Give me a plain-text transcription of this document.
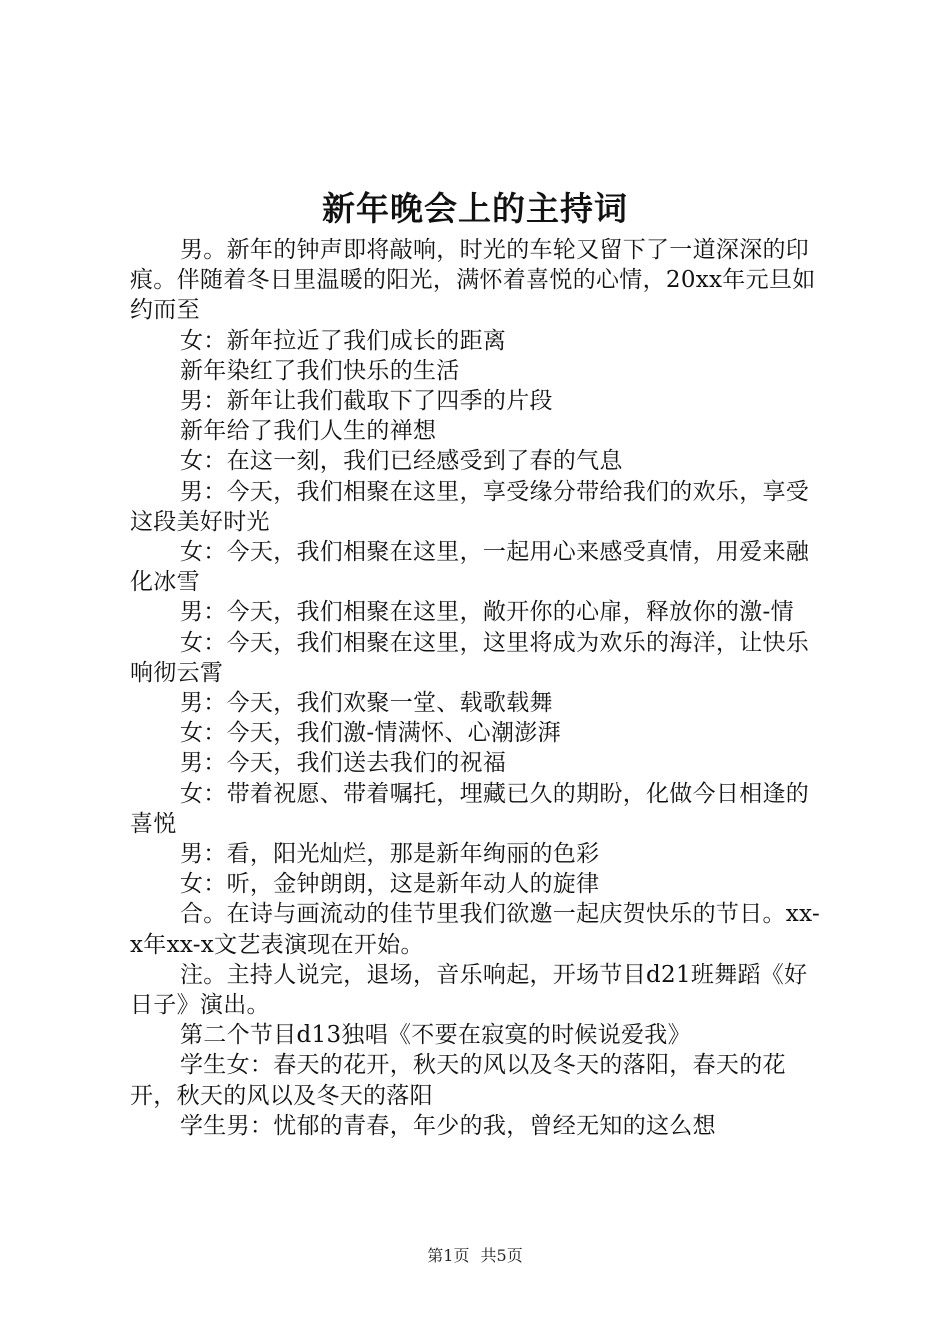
新年晚会上的主持词

男。新年的钟声即将敲响，时光的车轮又留下了一道深深的印痕。伴随着冬日里温暖的阳光，满怀着喜悦的心情，20xx年元旦如约而至

女：新年拉近了我们成长的距离

新年染红了我们快乐的生活

男：新年让我们截取下了四季的片段

新年给了我们人生的禅想

女：在这一刻，我们已经感受到了春的气息

男：今天，我们相聚在这里，享受缘分带给我们的欢乐，享受这段美好时光

女：今天，我们相聚在这里，一起用心来感受真情，用爱来融化冰雪

男：今天，我们相聚在这里，敞开你的心扉，释放你的激-情

女：今天，我们相聚在这里，这里将成为欢乐的海洋，让快乐响彻云霄

男：今天，我们欢聚一堂、载歌载舞

女：今天，我们激-情满怀、心潮澎湃

男：今天，我们送去我们的祝福

女：带着祝愿、带着嘱托，埋藏已久的期盼，化做今日相逢的喜悦

男：看，阳光灿烂，那是新年绚丽的色彩

女：听，金钟朗朗，这是新年动人的旋律

合。在诗与画流动的佳节里我们欲邀一起庆贺快乐的节日。xx-x年xx-x文艺表演现在开始。

注。主持人说完，退场，音乐响起，开场节目d21班舞蹈《好日子》演出。

第二个节目d13独唱《不要在寂寞的时候说爱我》

学生女：春天的花开，秋天的风以及冬天的落阳，春天的花开，秋天的风以及冬天的落阳

学生男：忧郁的青春，年少的我，曾经无知的这么想

第1页 共5页
